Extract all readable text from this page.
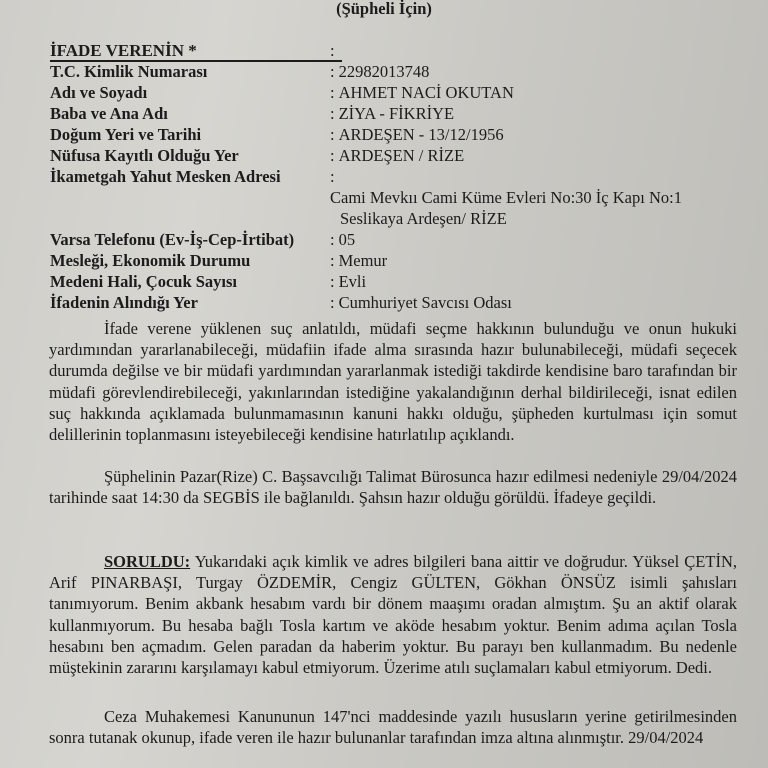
(Şüpheli İçin)
İFADE VERENİN *	:
T.C. Kimlik Numarası	: 22982013748
Adı ve Soyadı	: AHMET NACİ OKUTAN
Baba ve Ana Adı	: ZİYA - FİKRİYE
Doğum Yeri ve Tarihi	: ARDEŞEN - 13/12/1956
Nüfusa Kayıtlı Olduğu Yer	: ARDEŞEN / RİZE
İkametgah Yahut Mesken Adresi	:
Cami Mevkıı Cami Küme Evleri No:30 İç Kapı No:1
Seslikaya Ardeşen/ RİZE
Varsa Telefonu (Ev-İş-Cep-İrtibat)	: 05
Mesleği, Ekonomik Durumu	: Memur
Medeni Hali, Çocuk Sayısı	: Evli
İfadenin Alındığı Yer	: Cumhuriyet Savcısı Odası
İfade verene yüklenen suç anlatıldı, müdafi seçme hakkının bulunduğu ve onun hukuki yardımından yararlanabileceği, müdafiin ifade alma sırasında hazır bulunabileceği, müdafi seçecek durumda değilse ve bir müdafi yardımından yararlanmak istediği takdirde kendisine baro tarafından bir müdafi görevlendirebileceği, yakınlarından istediğine yakalandığının derhal bildirileceği, isnat edilen suç hakkında açıklamada bulunmamasının kanuni hakkı olduğu, şüpheden kurtulması için somut delillerinin toplanmasını isteyebileceği kendisine hatırlatılıp açıklandı.
Şüphelinin Pazar(Rize) C. Başsavcılığı Talimat Bürosunca hazır edilmesi nedeniyle 29/04/2024 tarihinde saat 14:30 da SEGBİS ile bağlanıldı. Şahsın hazır olduğu görüldü. İfadeye geçildi.
SORULDU: Yukarıdaki açık kimlik ve adres bilgileri bana aittir ve doğrudur. Yüksel ÇETİN, Arif PINARBAŞI, Turgay ÖZDEMİR, Cengiz GÜLTEN, Gökhan ÖNSÜZ isimli şahısları tanımıyorum. Benim akbank hesabım vardı bir dönem maaşımı oradan almıştım. Şu an aktif olarak kullanmıyorum. Bu hesaba bağlı Tosla kartım ve aköde hesabım yoktur. Benim adıma açılan Tosla hesabını ben açmadım. Gelen paradan da haberim yoktur. Bu parayı ben kullanmadım. Bu nedenle müştekinin zararını karşılamayı kabul etmiyorum. Üzerime atılı suçlamaları kabul etmiyorum. Dedi.
Ceza Muhakemesi Kanununun 147'nci maddesinde yazılı hususların yerine getirilmesinden sonra tutanak okunup, ifade veren ile hazır bulunanlar tarafından imza altına alınmıştır. 29/04/2024
